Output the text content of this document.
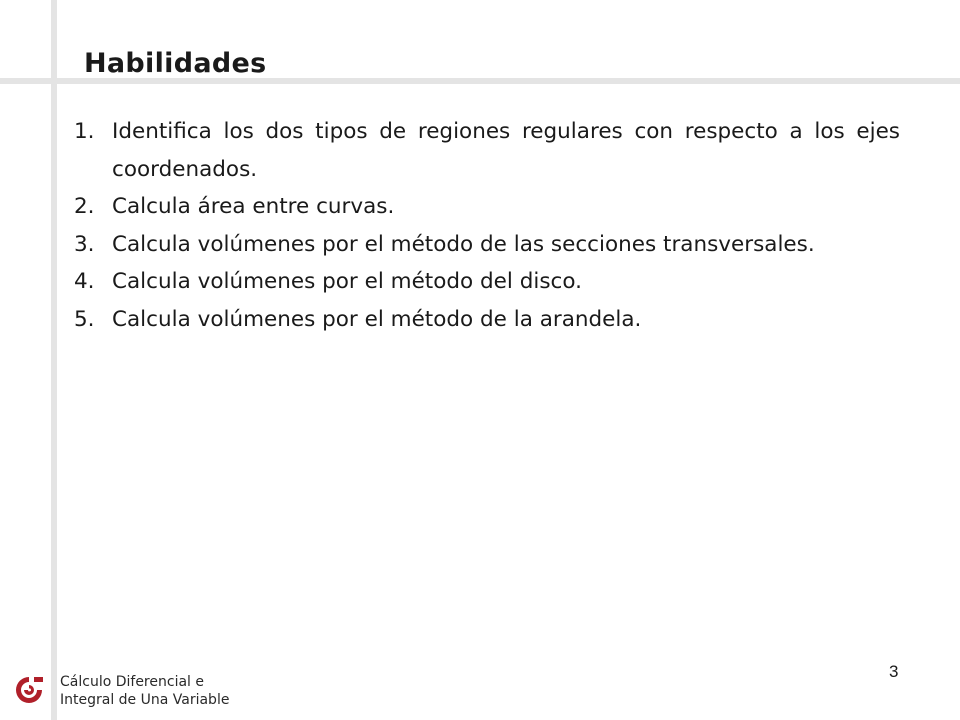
Habilidades
1. Identifica los dos tipos de regiones regulares con respecto a los ejes coordenados.
2. Calcula área entre curvas.
3. Calcula volúmenes por el método de las secciones transversales.
4. Calcula volúmenes por el método del disco.
5. Calcula volúmenes por el método de la arandela.
Cálculo Diferencial e
Integral de Una Variable
3
